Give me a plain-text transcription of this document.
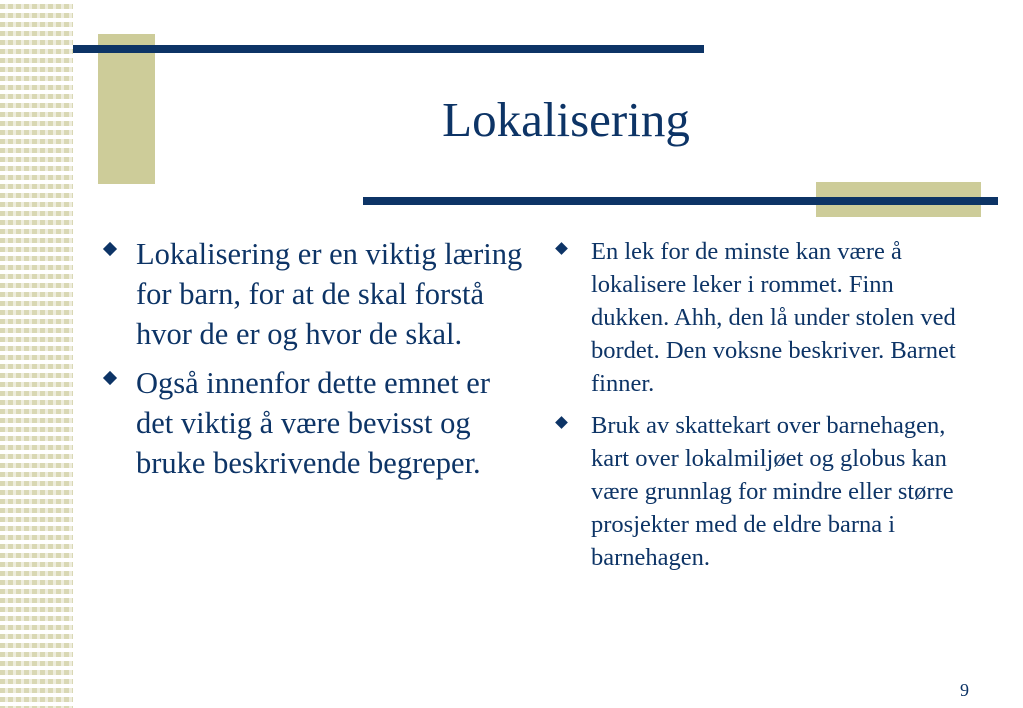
Lokalisering
Lokalisering er en viktig læring for barn, for at de skal forstå hvor de er og hvor de skal.
Også innenfor dette emnet er det viktig å være bevisst og bruke beskrivende begreper.
En lek for de minste kan være å lokalisere leker i rommet. Finn dukken. Ahh, den lå under stolen ved bordet. Den voksne beskriver. Barnet finner.
Bruk av skattekart over barnehagen, kart over lokalmiljøet og globus kan være grunnlag for mindre eller større prosjekter med de eldre barna i barnehagen.
9
